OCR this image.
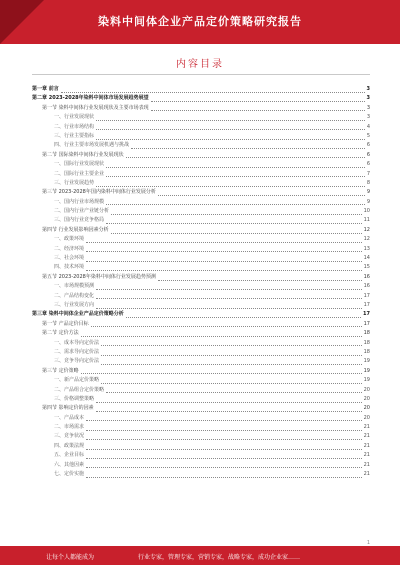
染料中间体企业产品定价策略研究报告
内容目录
第一章 前言	3
第二章 2023-2028年染料中间体市场发展趋势展望	3
第一节 染料中间体行业发展现状及主要市场表现	3
一、行业发展现状	3
二、行业市场结构	4
三、行业主要指标	5
四、行业主要市场发展机遇与挑战	6
第二节 国际染料中间体行业发展现状	6
一、国际行业发展现状	6
二、国际行业主要企业	7
三、行业发展趋势	8
第三节 2023-2028年国内染料中间体行业发展分析	9
一、国内行业市场规模	9
二、国内行业产业链分析	10
三、国内行业竞争格局	11
第四节 行业发展影响因素分析	12
一、政策环境	12
二、经济环境	13
三、社会环境	14
四、技术环境	15
第五节 2023-2028年染料中间体行业发展趋势预测	16
一、市场规模预测	16
二、产品结构变化	17
三、行业发展方向	17
第三章 染料中间体企业产品定价策略分析	17
第一节 产品定价目标	17
第二节 定价方法	18
一、成本导向定价法	18
二、需求导向定价法	18
三、竞争导向定价法	19
第三节 定价策略	19
一、新产品定价策略	19
二、产品组合定价策略	20
三、价格调整策略	20
第四节 影响定价的因素	20
一、产品成本	20
二、市场需求	21
三、竞争状况	21
四、政策法规	21
五、企业目标	21
六、其他因素	21
七、定价实施	21
1
让每个人都能成为	行业专家，管理专家，营销专家，战略专家，成功企业家……
